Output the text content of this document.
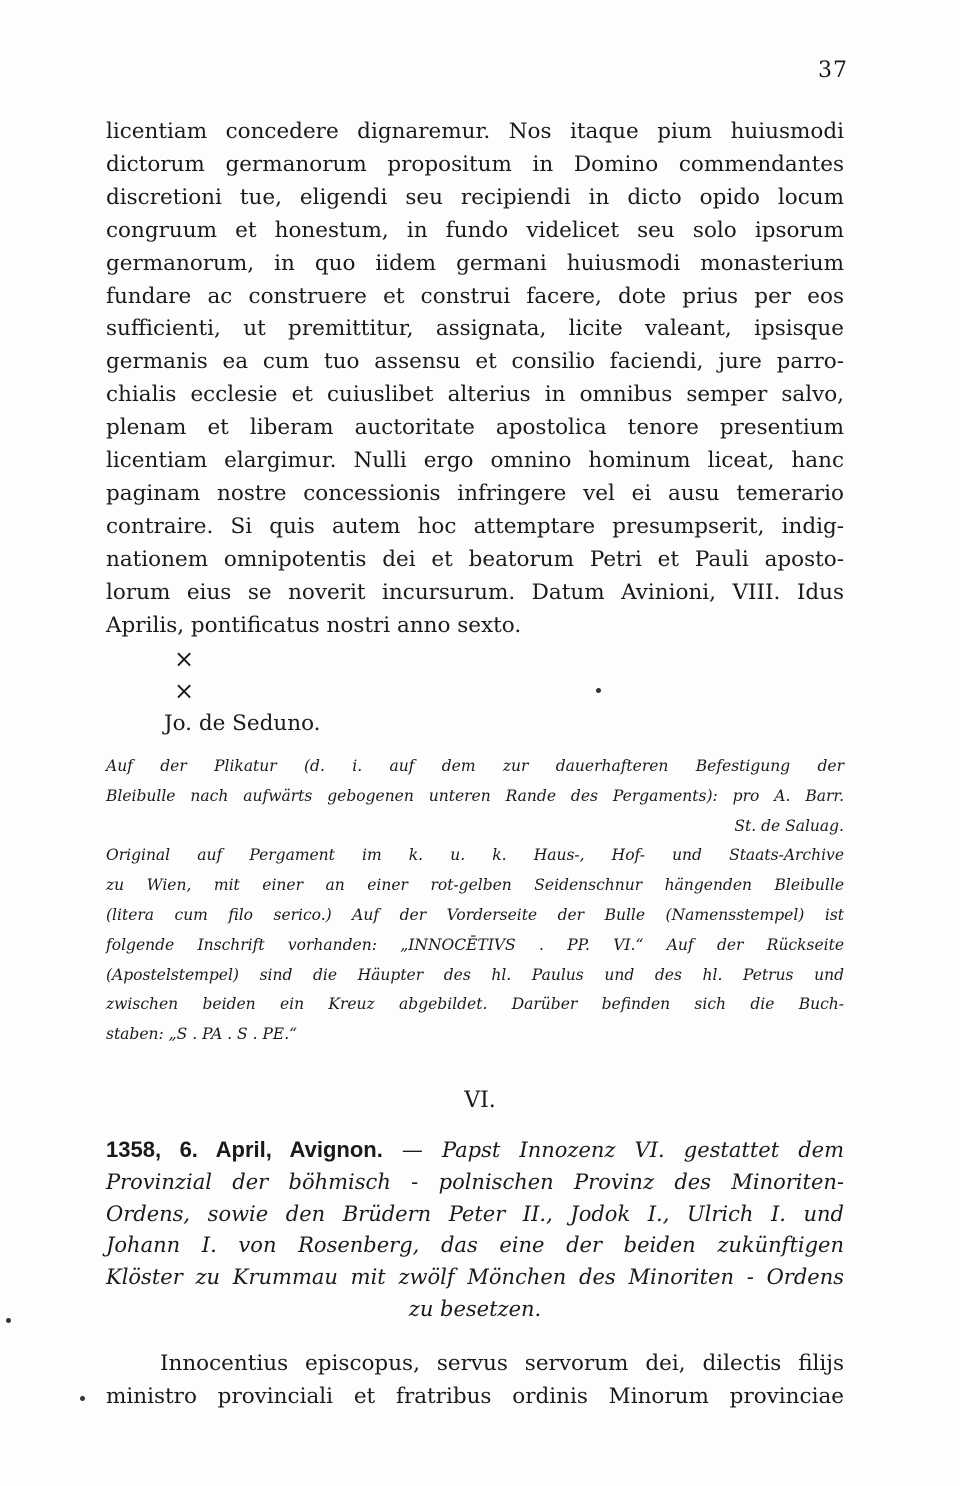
37
licentiam concedere dignaremur. Nos itaque pium huiusmodi
dictorum germanorum propositum in Domino commendantes
discretioni tue, eligendi seu recipiendi in dicto opido locum
congruum et honestum, in fundo videlicet seu solo ipsorum
germanorum, in quo iidem germani huiusmodi monasterium
fundare ac construere et construi facere, dote prius per eos
sufficienti, ut premittitur, assignata, licite valeant, ipsisque
germanis ea cum tuo assensu et consilio faciendi, jure parro-
chialis ecclesie et cuiuslibet alterius in omnibus semper salvo,
plenam et liberam auctoritate apostolica tenore presentium
licentiam elargimur. Nulli ergo omnino hominum liceat, hanc
paginam nostre concessionis infringere vel ei ausu temerario
contraire. Si quis autem hoc attemptare presumpserit, indig-
nationem omnipotentis dei et beatorum Petri et Pauli aposto-
lorum eius se noverit incursurum. Datum Avinioni, VIII. Idus
Aprilis, pontificatus nostri anno sexto.
×
×
Jo. de Seduno.
Auf der Plikatur (d. i. auf dem zur dauerhafteren Befestigung der
Bleibulle nach aufwärts gebogenen unteren Rande des Pergaments): pro A. Barr.
St. de Saluag.
Original auf Pergament im k. u. k. Haus-, Hof- und Staats-Archive
zu Wien, mit einer an einer rot-gelben Seidenschnur hängenden Bleibulle
(litera cum filo serico.) Auf der Vorderseite der Bulle (Namensstempel) ist
folgende Inschrift vorhanden: „INNOCĒTIVS . PP. VI.“ Auf der Rückseite
(Apostelstempel) sind die Häupter des hl. Paulus und des hl. Petrus und
zwischen beiden ein Kreuz abgebildet. Darüber befinden sich die Buch-
staben: „S . PA . S . PE.“
VI.
1358, 6. April, Avignon. — Papst Innozenz VI. gestattet dem
Provinzial der böhmisch - polnischen Provinz des Minoriten-
Ordens, sowie den Brüdern Peter II., Jodok I., Ulrich I. und
Johann I. von Rosenberg, das eine der beiden zukünftigen
Klöster zu Krummau mit zwölf Mönchen des Minoriten - Ordens
zu besetzen.
Innocentius episcopus, servus servorum dei, dilectis filijs
ministro provinciali et fratribus ordinis Minorum provinciae
